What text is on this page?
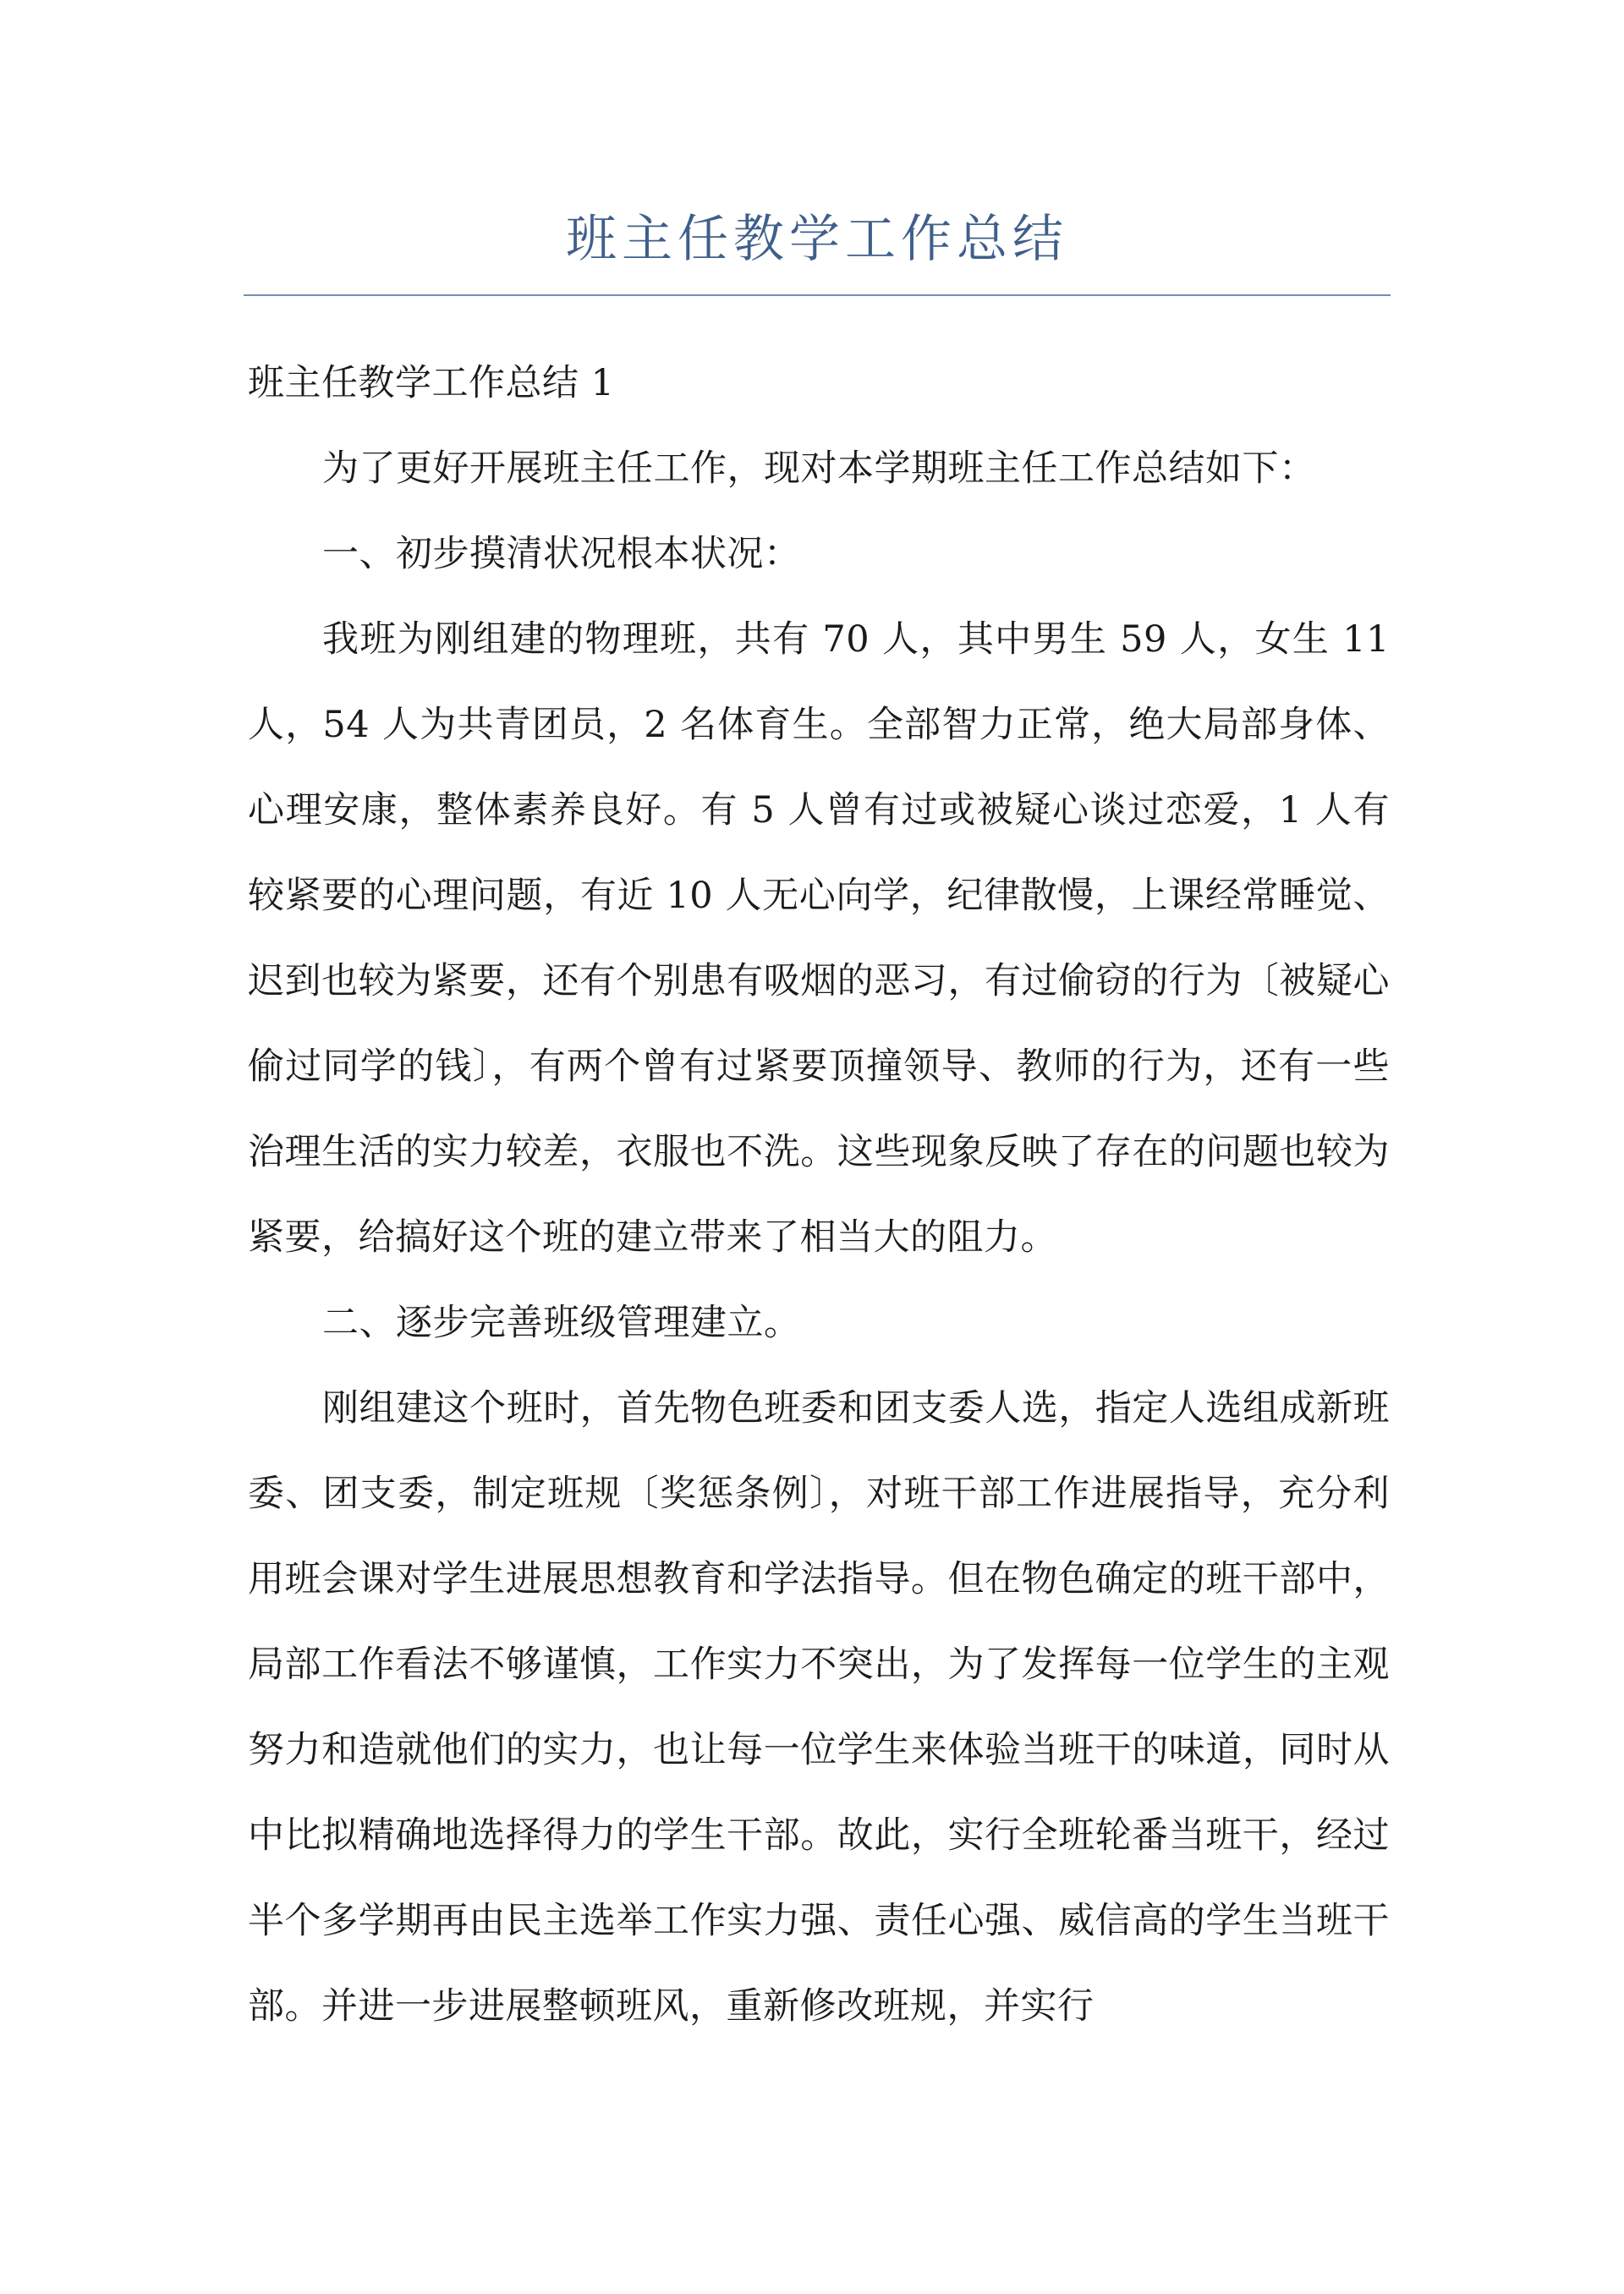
班主任教学工作总结

班主任教学工作总结 1

为了更好开展班主任工作，现对本学期班主任工作总结如下：

一、初步摸清状况根本状况：

我班为刚组建的物理班，共有 70 人，其中男生 59 人，女生 11 人，54 人为共青团员，2 名体育生。全部智力正常，绝大局部身体、心理安康，整体素养良好。有 5 人曾有过或被疑心谈过恋爱，1 人有较紧要的心理问题，有近 10 人无心向学，纪律散慢，上课经常睡觉、迟到也较为紧要，还有个别患有吸烟的恶习，有过偷窃的行为〔被疑心偷过同学的钱〕，有两个曾有过紧要顶撞领导、教师的行为，还有一些治理生活的实力较差，衣服也不洗。这些现象反映了存在的问题也较为紧要，给搞好这个班的建立带来了相当大的阻力。

二、逐步完善班级管理建立。

刚组建这个班时，首先物色班委和团支委人选，指定人选组成新班委、团支委，制定班规〔奖惩条例〕，对班干部工作进展指导，充分利用班会课对学生进展思想教育和学法指导。但在物色确定的班干部中，局部工作看法不够谨慎，工作实力不突出，为了发挥每一位学生的主观努力和造就他们的实力，也让每一位学生来体验当班干的味道，同时从中比拟精确地选择得力的学生干部。故此，实行全班轮番当班干，经过半个多学期再由民主选举工作实力强、责任心强、威信高的学生当班干部。并进一步进展整顿班风，重新修改班规，并实行
